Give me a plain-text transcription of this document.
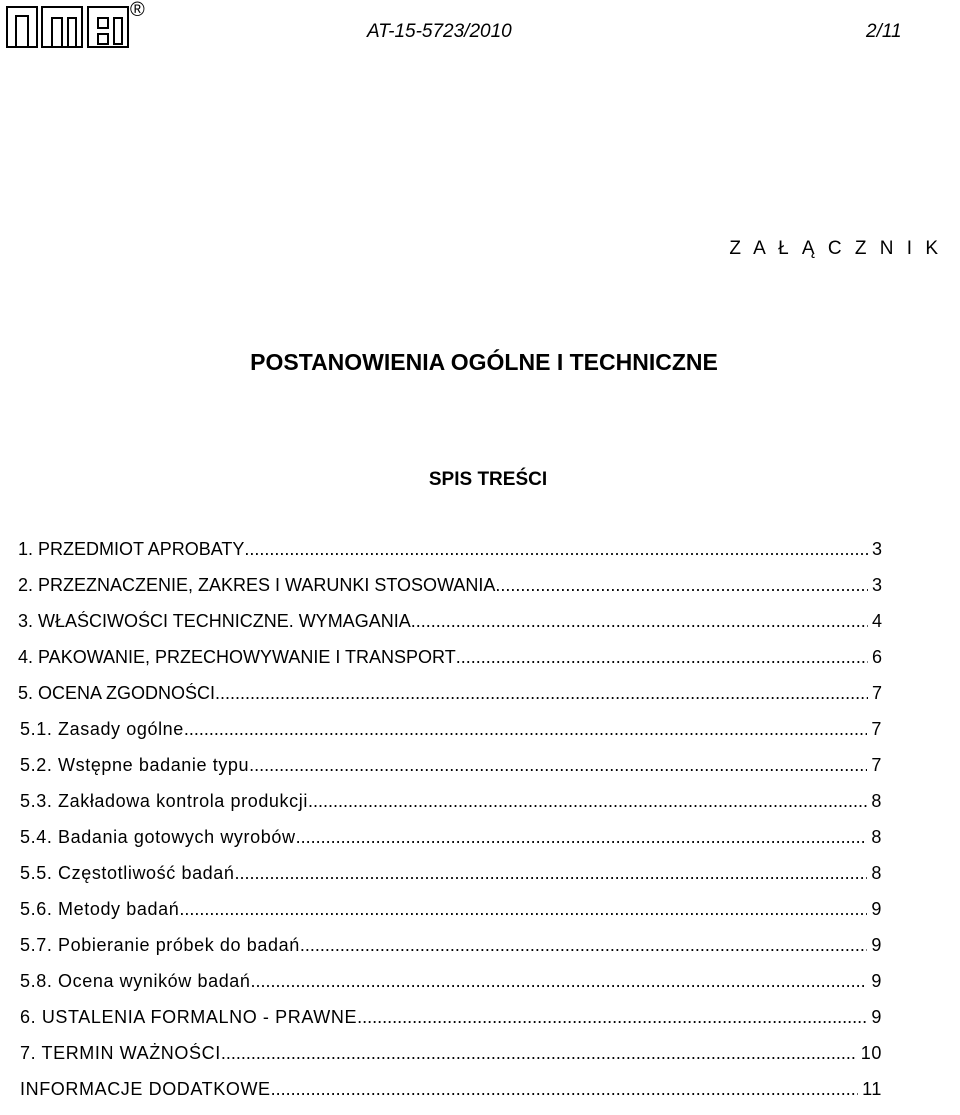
®
AT-15-5723/2010	2/11
Z A Ł Ą C Z N I K
POSTANOWIENIA OGÓLNE I TECHNICZNE
SPIS TREŚCI
1. PRZEDMIOT APROBATY .....	3
2. PRZEZNACZENIE, ZAKRES I WARUNKI STOSOWANIA .....	3
3. WŁAŚCIWOŚCI TECHNICZNE. WYMAGANIA .....	4
4. PAKOWANIE, PRZECHOWYWANIE I TRANSPORT .....	6
5. OCENA ZGODNOŚCI .....	7
5.1. Zasady ogólne .....	7
5.2. Wstępne badanie typu .....	7
5.3. Zakładowa kontrola produkcji .....	8
5.4. Badania gotowych wyrobów .....	8
5.5. Częstotliwość badań .....	8
5.6. Metody badań .....	9
5.7. Pobieranie próbek do badań .....	9
5.8. Ocena wyników badań .....	9
6. USTALENIA FORMALNO - PRAWNE .....	9
7. TERMIN WAŻNOŚCI .....	10
INFORMACJE DODATKOWE .....	11
